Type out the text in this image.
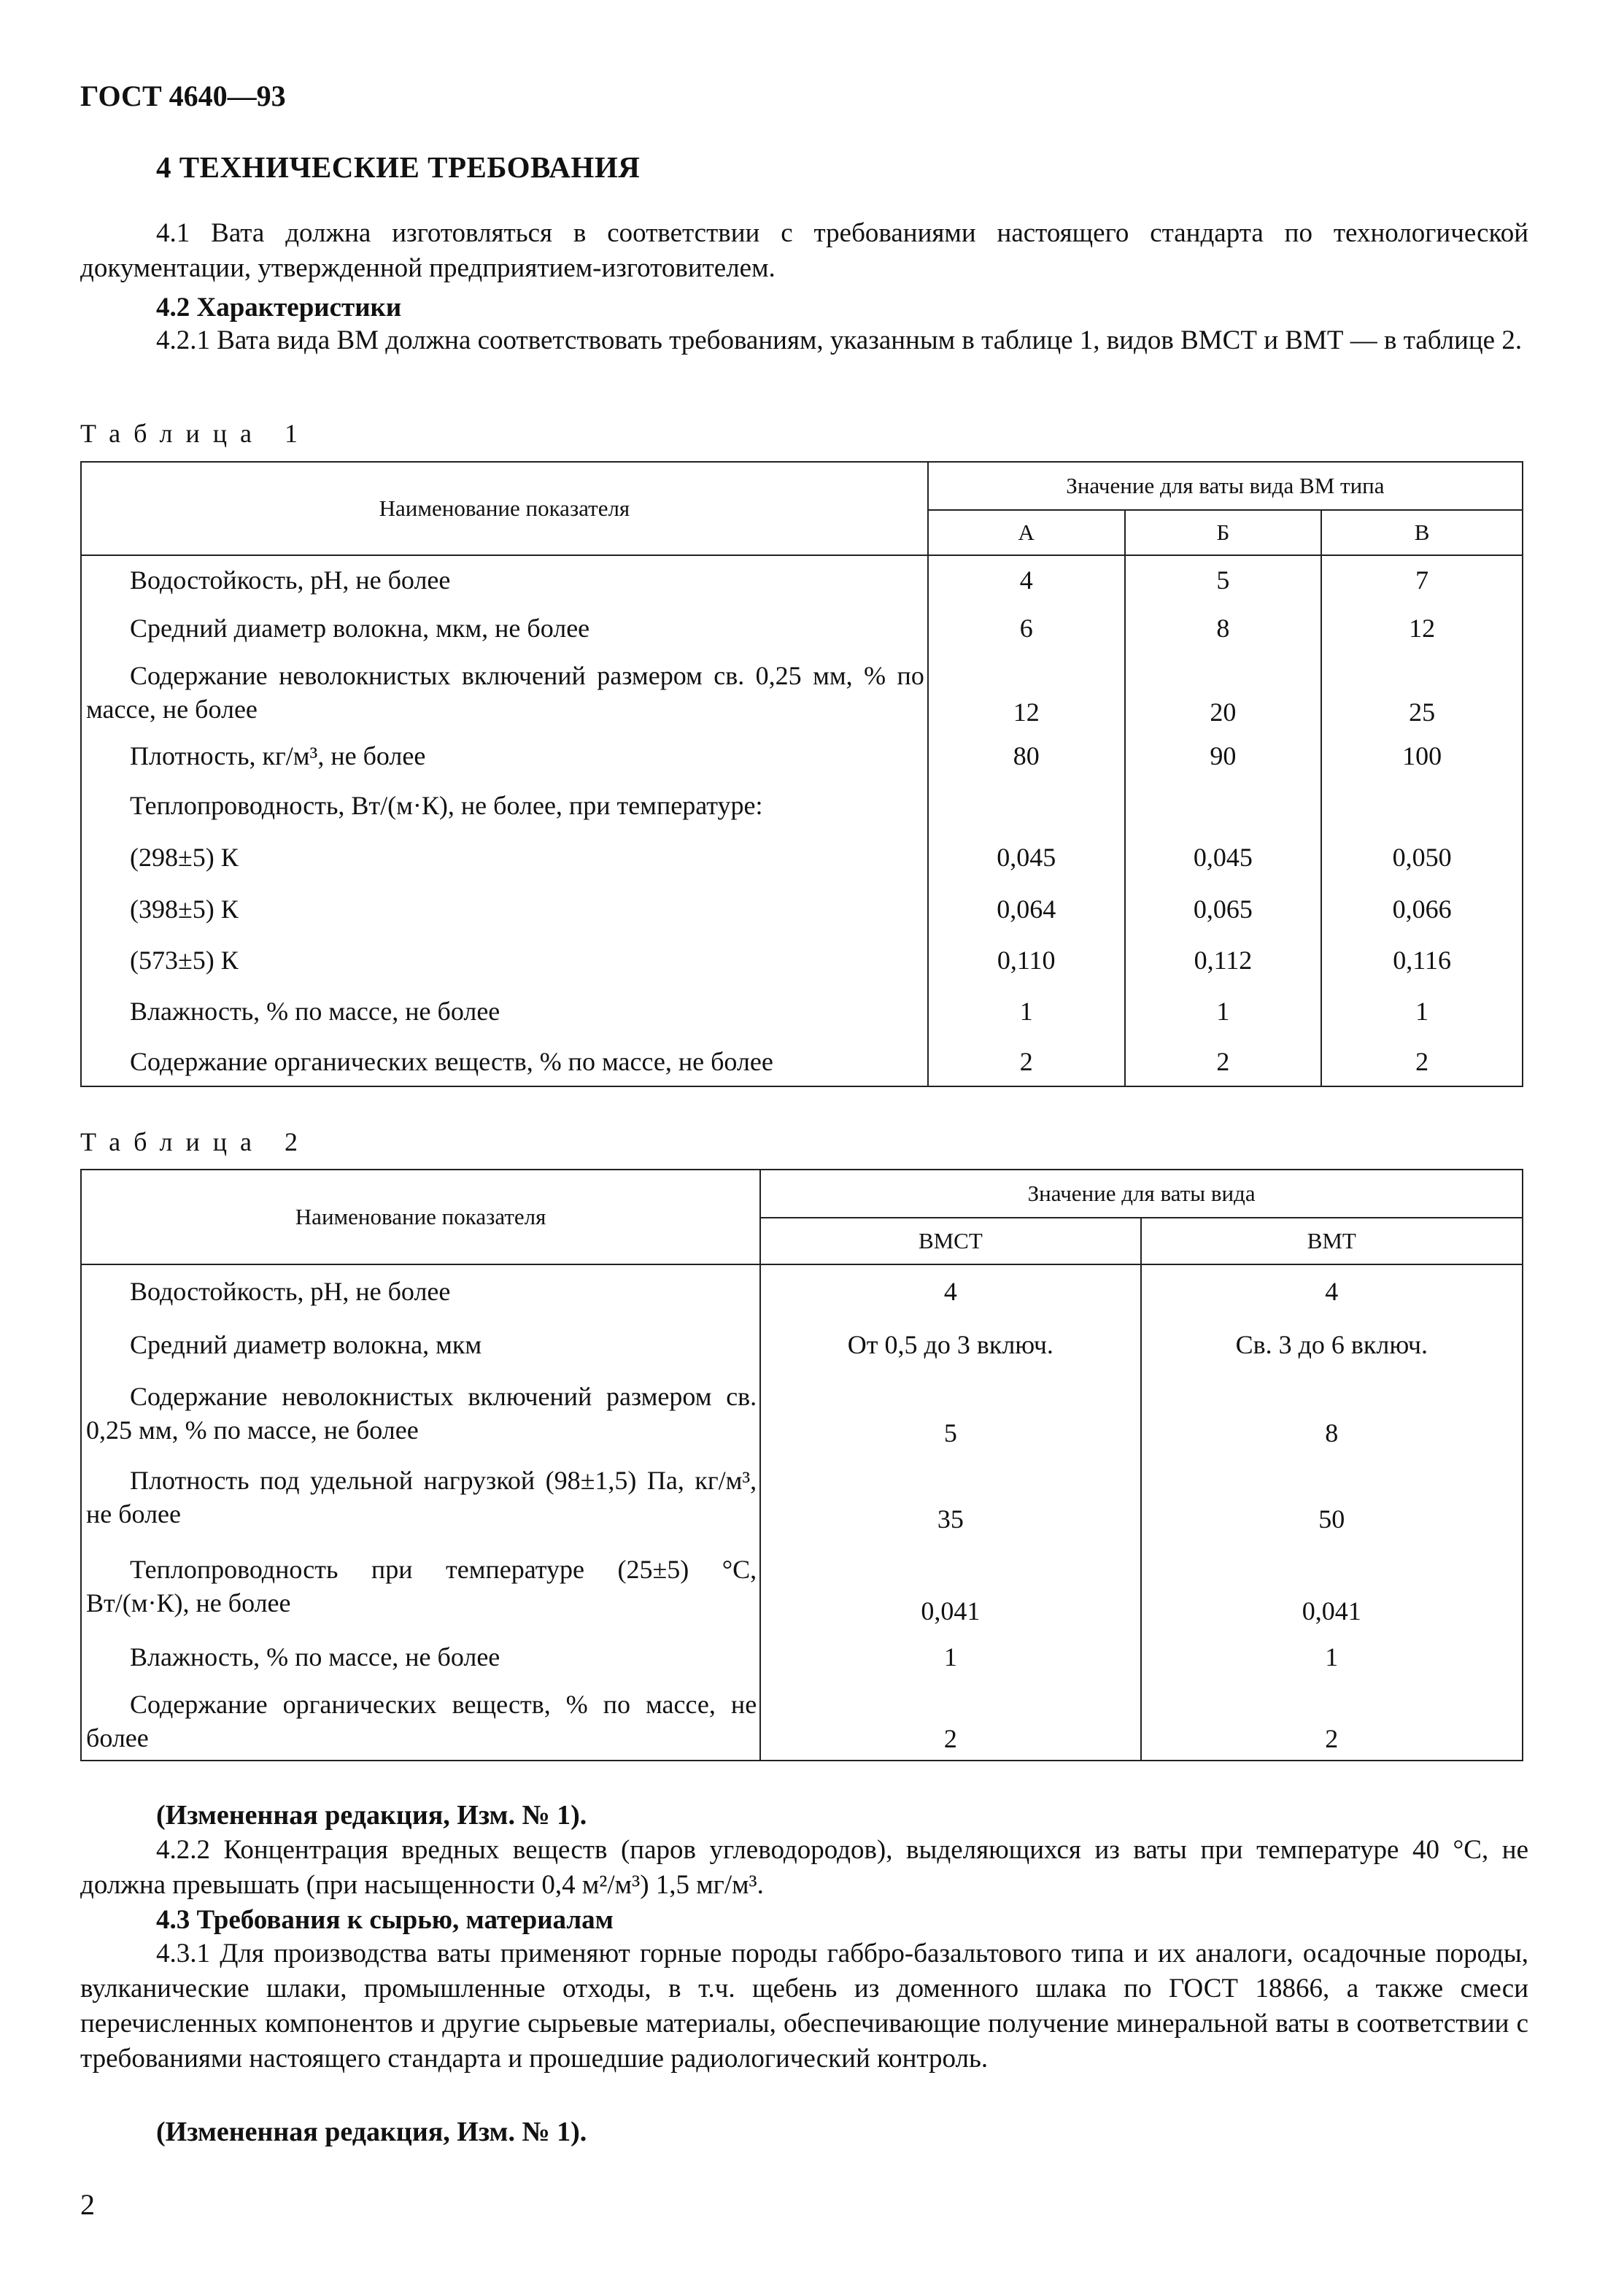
ГОСТ 4640—93
4 ТЕХНИЧЕСКИЕ ТРЕБОВАНИЯ

4.1 Вата должна изготовляться в соответствии с требованиями настоящего стандарта по технологической документации, утвержденной предприятием-изготовителем.

4.2 Характеристики

4.2.1 Вата вида ВМ должна соответствовать требованиям, указанным в таблице 1, видов ВМСТ и ВМТ — в таблице 2.

Таблица 1

Наименование показателя	Значение для ваты вида ВМ типа		
	А	Б	В
Водостойкость, рН, не более	4	5	7
Средний диаметр волокна, мкм, не более	6	8	12
Содержание неволокнистых включений размером св. 0,25 мм, % по массе, не более	12	20	25
Плотность, кг/м³, не более	80	90	100
Теплопроводность, Вт/(м·К), не более, при температуре:			
(298±5) К	0,045	0,045	0,050
(398±5) К	0,064	0,065	0,066
(573±5) К	0,110	0,112	0,116
Влажность, % по массе, не более	1	1	1
Содержание органических веществ, % по массе, не более	2	2	2

Таблица 2

Наименование показателя	Значение для ваты вида	
	ВМСТ	ВМТ
Водостойкость, рН, не более	4	4
Средний диаметр волокна, мкм	От 0,5 до 3 включ.	Св. 3 до 6 включ.
Содержание неволокнистых включений размером св. 0,25 мм, % по массе, не более	5	8
Плотность под удельной нагрузкой (98±1,5) Па, кг/м³, не более	35	50
Теплопроводность при температуре (25±5) °С, Вт/(м·К), не более	0,041	0,041
Влажность, % по массе, не более	1	1
Содержание органических веществ, % по массе, не более	2	2

(Измененная редакция, Изм. № 1).

4.2.2 Концентрация вредных веществ (паров углеводородов), выделяющихся из ваты при температуре 40 °С, не должна превышать (при насыщенности 0,4 м²/м³) 1,5 мг/м³.

4.3 Требования к сырью, материалам

4.3.1 Для производства ваты применяют горные породы габбро-базальтового типа и их аналоги, осадочные породы, вулканические шлаки, промышленные отходы, в т.ч. щебень из доменного шлака по ГОСТ 18866, а также смеси перечисленных компонентов и другие сырьевые материалы, обеспечивающие получение минеральной ваты в соответствии с требованиями настоящего стандарта и прошедшие радиологический контроль.

(Измененная редакция, Изм. № 1).

2
